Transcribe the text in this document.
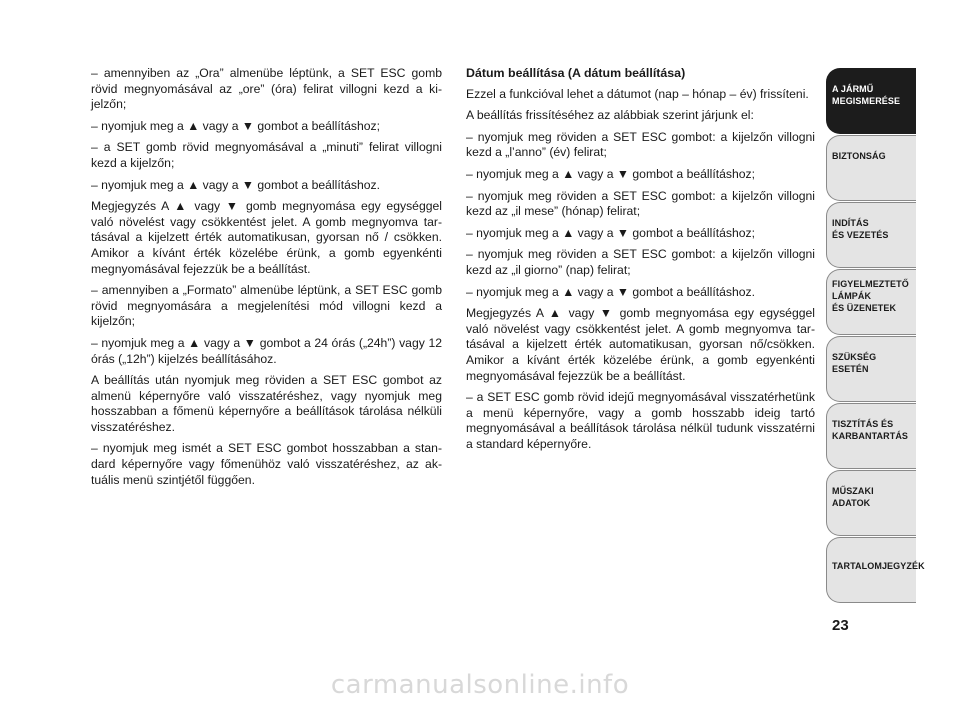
– amennyiben az „Ora” almenübe léptünk, a SET ESC gomb rövid megnyomásával az „ore” (óra) felirat villogni kezd a kijelzőn;

– nyomjuk meg a ▲ vagy a ▼ gombot a beállításhoz;

– a SET gomb rövid megnyomásával a „minuti” felirat villogni kezd a kijelzőn;

– nyomjuk meg a ▲ vagy a ▼ gombot a beállításhoz.

Megjegyzés A ▲ vagy ▼ gomb megnyomása egy egységgel való növelést vagy csökkentést jelet. A gomb megnyomva tartásával a kijelzett érték automatikusan, gyorsan nő / csökken. Amikor a kívánt érték közelébe érünk, a gomb egyenkénti megnyomásával fejezzük be a beállítást.

– amennyiben a „Formato” almenübe léptünk, a SET ESC gomb rövid megnyomására a megjelenítési mód villogni kezd a kijelzőn;

– nyomjuk meg a ▲ vagy a ▼ gombot a 24 órás („24h”) vagy 12 órás („12h”) kijelzés beállításához.

A beállítás után nyomjuk meg röviden a SET ESC gombot az almenü képernyőre való visszatéréshez, vagy nyomjuk meg hosszabban a főmenü képernyőre a beállítások tárolása nélküli visszatéréshez.

– nyomjuk meg ismét a SET ESC gombot hosszabban a standard képernyőre vagy főmenühöz való visszatéréshez, az aktuális menü szintjétől függően.

Dátum beállítása (A dátum beállítása)

Ezzel a funkcióval lehet a dátumot (nap – hónap – év) frissíteni.

A beállítás frissítéséhez az alábbiak szerint járjunk el:

– nyomjuk meg röviden a SET ESC gombot: a kijelzőn villogni kezd a „l’anno” (év) felirat;

– nyomjuk meg a ▲ vagy a ▼ gombot a beállításhoz;

– nyomjuk meg röviden a SET ESC gombot: a kijelzőn villogni kezd az „il mese” (hónap) felirat;

– nyomjuk meg a ▲ vagy a ▼ gombot a beállításhoz;

– nyomjuk meg röviden a SET ESC gombot: a kijelzőn villogni kezd az „il giorno” (nap) felirat;

– nyomjuk meg a ▲ vagy a ▼ gombot a beállításhoz.

Megjegyzés A ▲ vagy ▼ gomb megnyomása egy egységgel való növelést vagy csökkentést jelet. A gomb megnyomva tartásával a kijelzett érték automatikusan, gyorsan nő/csökken. Amikor a kívánt érték közelébe érünk, a gomb egyenkénti megnyomásával fejezzük be a beállítást.

– a SET ESC gomb rövid idejű megnyomásával visszatérhetünk a menü képernyőre, vagy a gomb hosszabb ideig tartó megnyomásával a beállítások tárolása nélkül tudunk visszatérni a standard képernyőre.

A JÁRMŰ
MEGISMERÉSE
BIZTONSÁG
INDÍTÁS
ÉS VEZETÉS
FIGYELMEZTETŐ
LÁMPÁK
ÉS ÜZENETEK
SZÜKSÉG
ESETÉN
TISZTÍTÁS ÉS
KARBANTARTÁS
MŰSZAKI
ADATOK
TARTALOMJEGYZÉK
23
carmanualsonline.info
